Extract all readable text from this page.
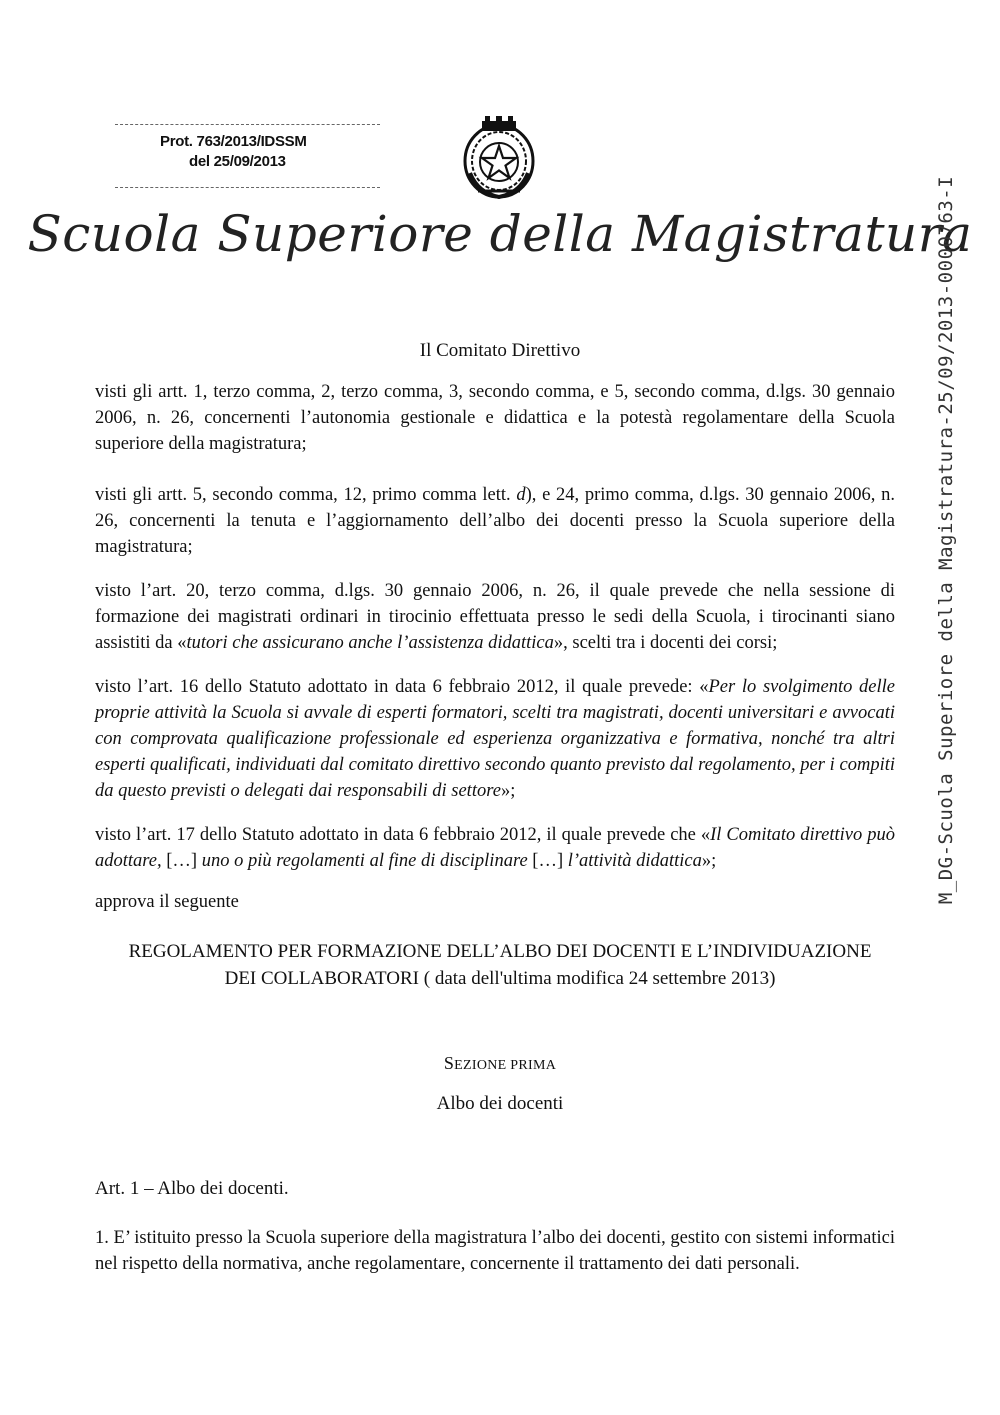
Prot. 763/2013/IDSSM
del 25/09/2013
Scuola Superiore della Magistratura
Il Comitato Direttivo

visti gli artt. 1, terzo comma, 2, terzo comma, 3, secondo comma, e 5, secondo comma, d.lgs. 30 gennaio 2006, n. 26, concernenti l’autonomia gestionale e didattica e la potestà regolamentare della Scuola superiore della magistratura;

visti gli artt. 5, secondo comma, 12, primo comma lett. d), e 24, primo comma, d.lgs. 30 gennaio 2006, n. 26, concernenti la tenuta e l’aggiornamento dell’albo dei docenti presso la Scuola superiore della magistratura;

visto l’art. 20, terzo comma, d.lgs. 30 gennaio 2006, n. 26, il quale prevede che nella sessione di formazione dei magistrati ordinari in tirocinio effettuata presso le sedi della Scuola, i tirocinanti siano assistiti da «tutori che assicurano anche l’assistenza didattica», scelti tra i docenti dei corsi;

visto l’art. 16 dello Statuto adottato in data 6 febbraio 2012, il quale prevede: «Per lo svolgimento delle proprie attività la Scuola si avvale di esperti formatori, scelti tra magistrati, docenti universitari e avvocati con comprovata qualificazione professionale ed esperienza organizzativa e formativa, nonché tra altri esperti qualificati, individuati dal comitato direttivo secondo quanto previsto dal regolamento, per i compiti da questo previsti o delegati dai responsabili di settore»;

visto l’art. 17 dello Statuto adottato in data 6 febbraio 2012, il quale prevede che «Il Comitato direttivo può adottare, […] uno o più regolamenti al fine di disciplinare […] l’attività didattica»;

approva il seguente

REGOLAMENTO PER FORMAZIONE DELL’ALBO DEI DOCENTI E L’INDIVIDUAZIONE
DEI COLLABORATORI ( data dell'ultima modifica 24 settembre 2013)
SEZIONE PRIMA
Albo dei docenti

Art. 1 – Albo dei docenti.

1. E’ istituito presso la Scuola superiore della magistratura l’albo dei docenti, gestito con sistemi informatici nel rispetto della normativa, anche regolamentare, concernente il trattamento dei dati personali.

M_DG-Scuola Superiore della Magistratura-25/09/2013-0000763-I
